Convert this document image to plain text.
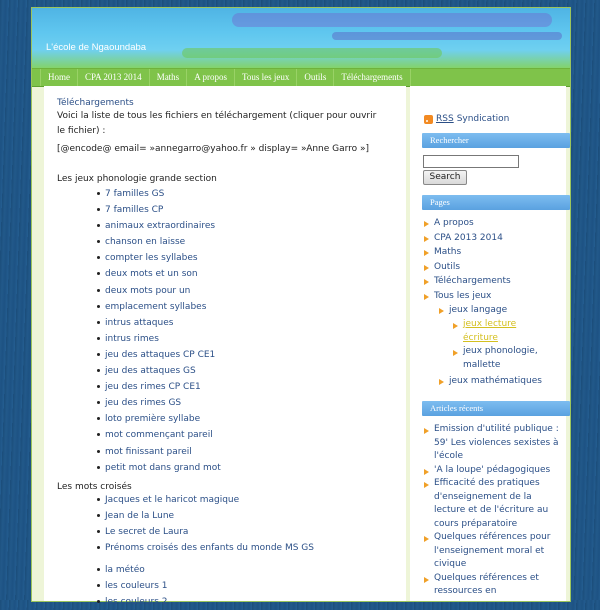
L'école de Ngaoundaba
Home	CPA 2013 2014	Maths	A propos	Tous les jeux	Outils	Téléchargements
Téléchargements
Voici la liste de tous les fichiers en téléchargement (cliquer pour ouvrir le fichier) :
[@encode@ email= »annegarro@yahoo.fr » display= »Anne Garro »]
Les jeux phonologie grande section
7 familles GS
7 familles CP
animaux extraordinaires
chanson en laisse
compter les syllabes
deux mots et un son
deux mots pour un
emplacement syllabes
intrus attaques
intrus rimes
jeu des attaques CP CE1
jeu des attaques GS
jeu des rimes CP CE1
jeu des rimes GS
loto première syllabe
mot commençant pareil
mot finissant pareil
petit mot dans grand mot
Les mots croisés
Jacques et le haricot magique
Jean de la Lune
Le secret de Laura
Prénoms croisés des enfants du monde MS GS
la météo
les couleurs 1
les couleurs 2
RSS Syndication
Rechercher
Search
Pages
A propos
CPA 2013 2014
Maths
Outils
Téléchargements
Tous les jeux
jeux langage
jeux lecture écriture
jeux phonologie, mallette
jeux mathématiques
Articles récents
Emission d'utilité publique : 59' Les violences sexistes à l'école
'A la loupe' pédagogiques
Efficacité des pratiques d'enseignement de la lecture et de l'écriture au cours préparatoire
Quelques références pour l'enseignement moral et civique
Quelques références et ressources en
